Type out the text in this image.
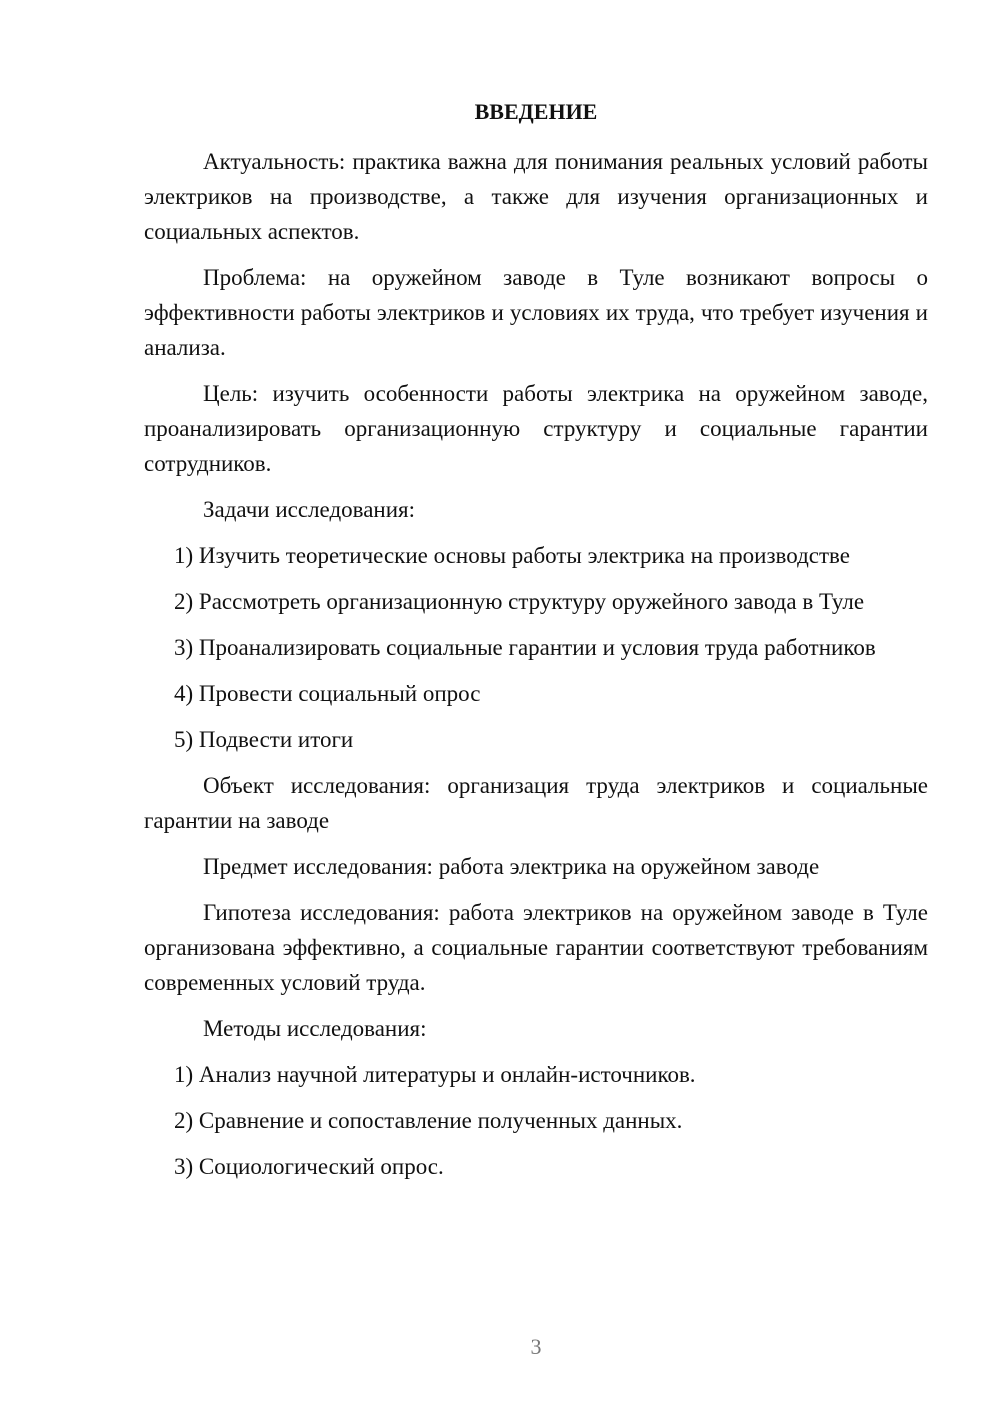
ВВЕДЕНИЕ

Актуальность: практика важна для понимания реальных условий работы электриков на производстве, а также для изучения организационных и социальных аспектов.

Проблема: на оружейном заводе в Туле возникают вопросы о эффективности работы электриков и условиях их труда, что требует изучения и анализа.

Цель: изучить особенности работы электрика на оружейном заводе, проанализировать организационную структуру и социальные гарантии сотрудников.

Задачи исследования:

1) Изучить теоретические основы работы электрика на производстве

2) Рассмотреть организационную структуру оружейного завода в Туле

3) Проанализировать социальные гарантии и условия труда работников

4) Провести социальный опрос

5) Подвести итоги

Объект исследования: организация труда электриков и социальные гарантии на заводе

Предмет исследования: работа электрика на оружейном заводе

Гипотеза исследования: работа электриков на оружейном заводе в Туле организована эффективно, а социальные гарантии соответствуют требованиям современных условий труда.

Методы исследования:

1) Анализ научной литературы и онлайн-источников.

2) Сравнение и сопоставление полученных данных.

3) Социологический опрос.

3
